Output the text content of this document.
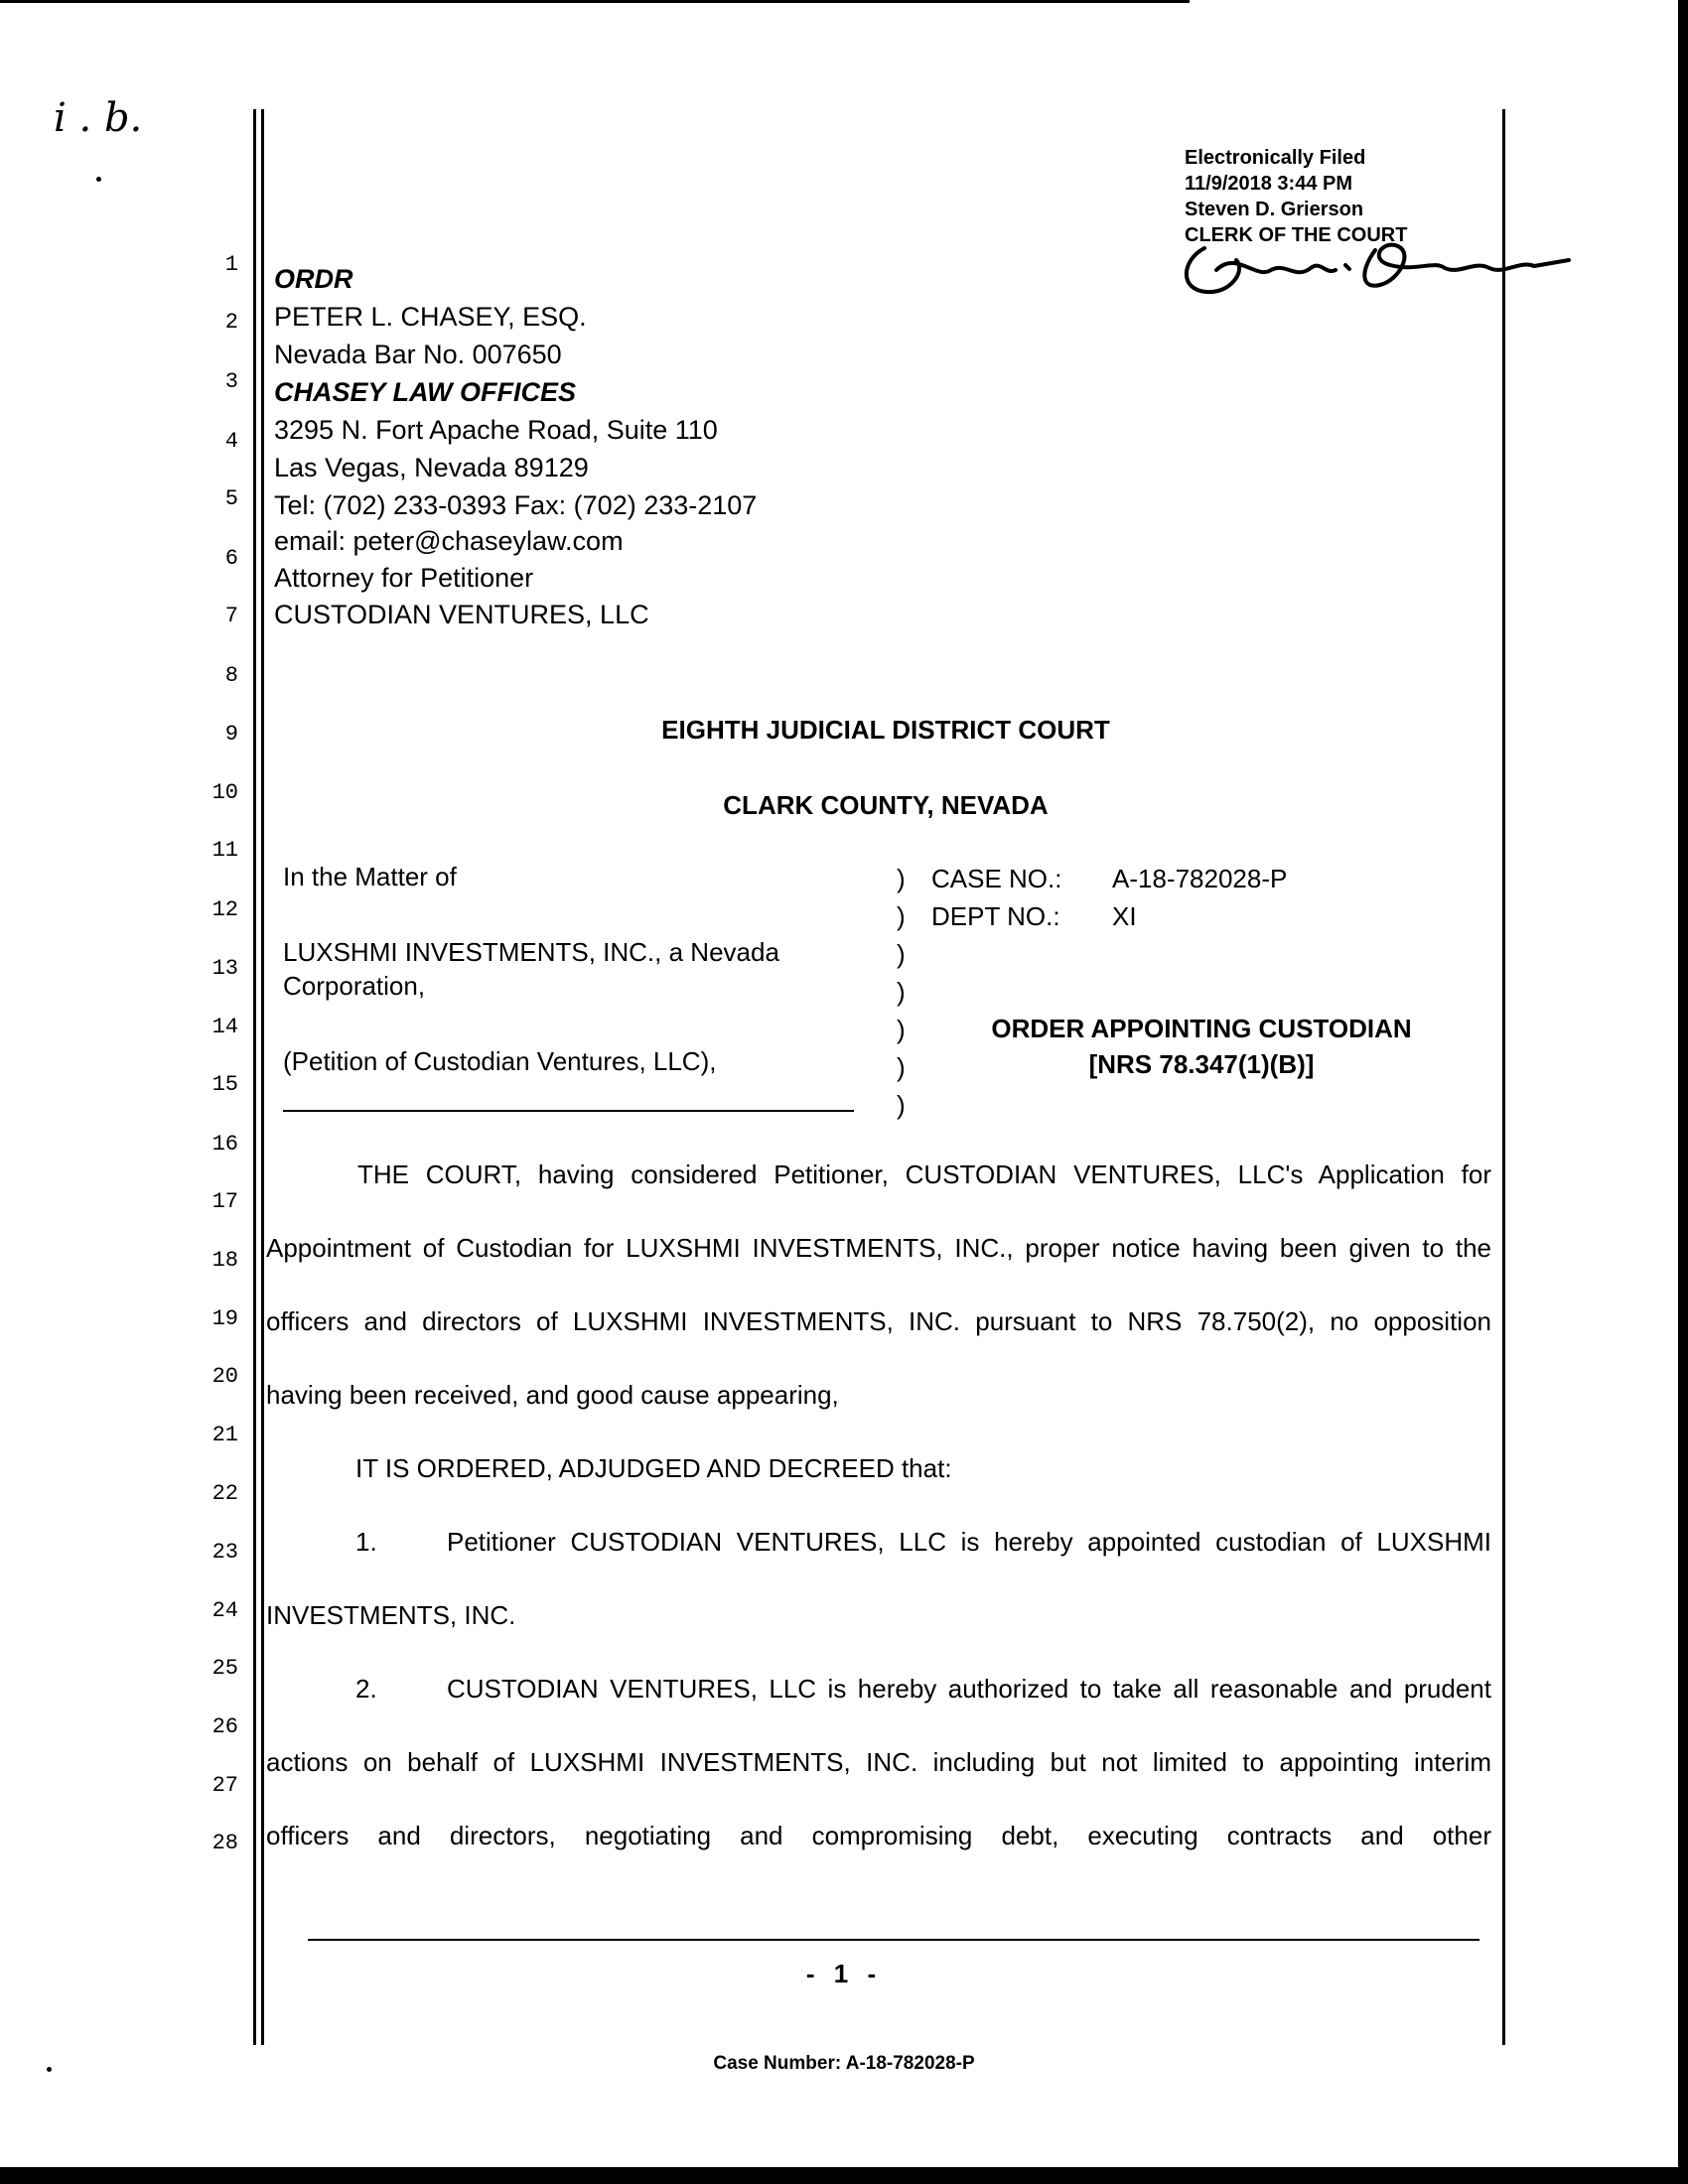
i . b.
Electronically Filed
11/9/2018 3:44 PM
Steven D. Grierson
CLERK OF THE COURT
1
2
3
4
5
6
7
8
9
10
11
12
13
14
15
16
17
18
19
20
21
22
23
24
25
26
27
28
ORDR
PETER L. CHASEY, ESQ.
Nevada Bar No. 007650
CHASEY LAW OFFICES
3295 N. Fort Apache Road, Suite 110
Las Vegas, Nevada 89129
Tel: (702) 233-0393 Fax: (702) 233-2107
email: peter@chaseylaw.com
Attorney for Petitioner
CUSTODIAN VENTURES, LLC
EIGHTH JUDICIAL DISTRICT COURT
CLARK COUNTY, NEVADA
In the Matter of
LUXSHMI INVESTMENTS, INC., a Nevada
Corporation,
(Petition of Custodian Ventures, LLC),
)
)
)
)
)
)
)
CASE NO.: A-18-782028-P
DEPT NO.: XI
ORDER APPOINTING CUSTODIAN
[NRS 78.347(1)(B)]
THE COURT, having considered Petitioner, CUSTODIAN VENTURES, LLC's Application for
Appointment of Custodian for LUXSHMI INVESTMENTS, INC., proper notice having been given to the
officers and directors of LUXSHMI INVESTMENTS, INC. pursuant to NRS 78.750(2), no opposition
having been received, and good cause appearing,
IT IS ORDERED, ADJUDGED AND DECREED that:
1.	Petitioner CUSTODIAN VENTURES, LLC is hereby appointed custodian of LUXSHMI
INVESTMENTS, INC.
2.	CUSTODIAN VENTURES, LLC is hereby authorized to take all reasonable and prudent
actions on behalf of LUXSHMI INVESTMENTS, INC. including but not limited to appointing interim
officers and directors, negotiating and compromising debt, executing contracts and other
- 1 -
Case Number: A-18-782028-P
